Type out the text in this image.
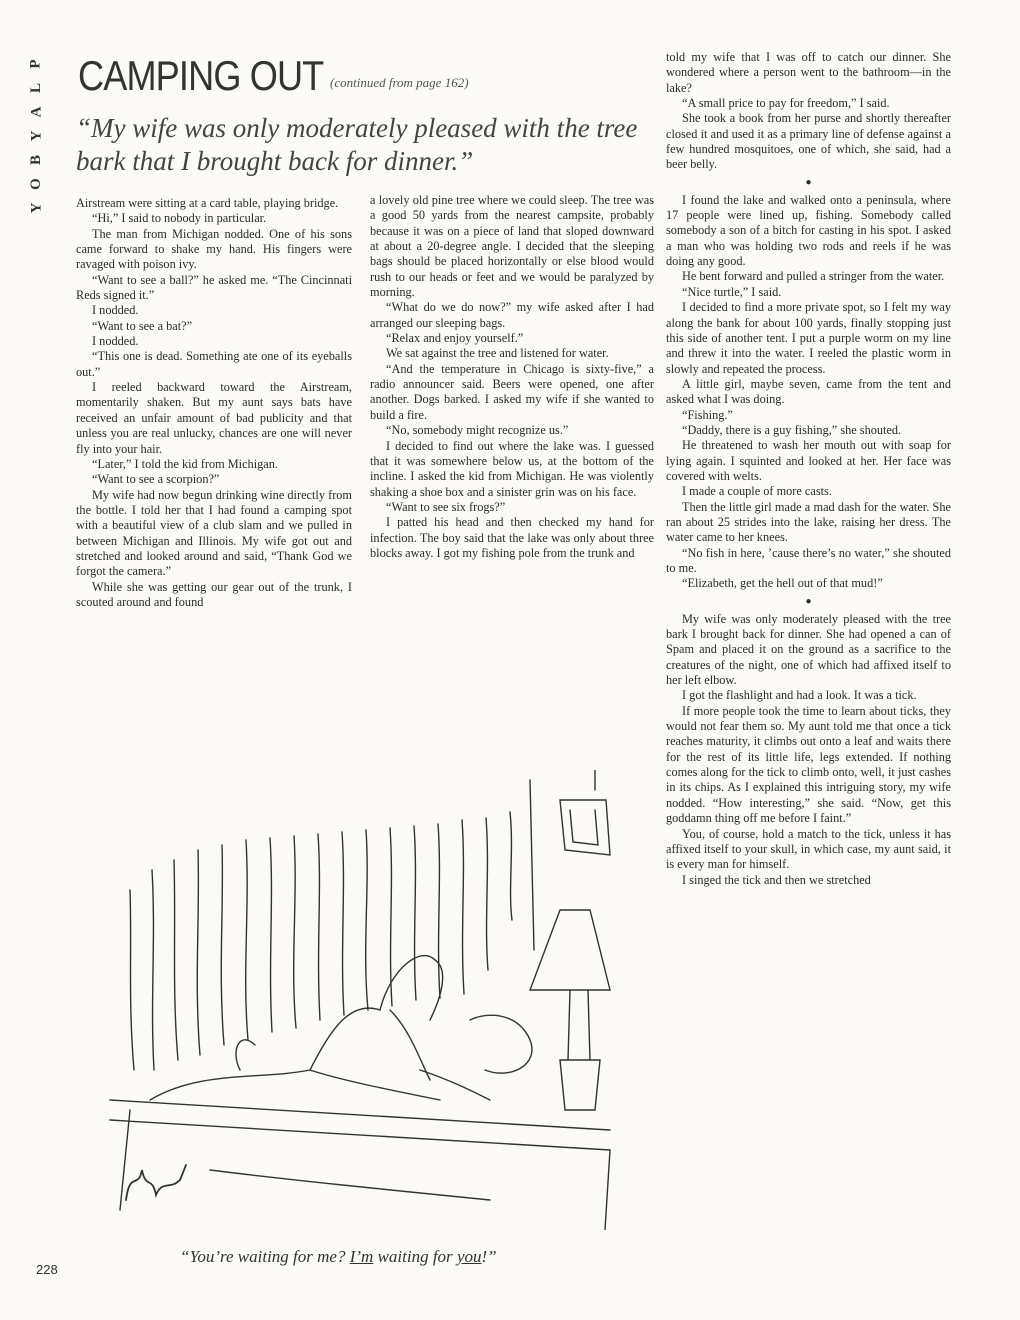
P
L
A
Y
B
O
Y
CAMPING OUT (continued from page 162)
“My wife was only moderately pleased with the tree bark that I brought back for dinner.”

Airstream were sitting at a card table, playing bridge.

“Hi,” I said to nobody in particular.

The man from Michigan nodded. One of his sons came forward to shake my hand. His fingers were ravaged with poison ivy.

“Want to see a ball?” he asked me. “The Cincinnati Reds signed it.”

I nodded.

“Want to see a bat?”

I nodded.

“This one is dead. Something ate one of its eyeballs out.”

I reeled backward toward the Airstream, momentarily shaken. But my aunt says bats have received an unfair amount of bad publicity and that unless you are real unlucky, chances are one will never fly into your hair.

“Later,” I told the kid from Michigan.

“Want to see a scorpion?”

My wife had now begun drinking wine directly from the bottle. I told her that I had found a camping spot with a beautiful view of a club slam and we pulled in between Michigan and Illinois. My wife got out and stretched and looked around and said, “Thank God we forgot the camera.”

While she was getting our gear out of the trunk, I scouted around and found

a lovely old pine tree where we could sleep. The tree was a good 50 yards from the nearest campsite, probably because it was on a piece of land that sloped downward at about a 20-degree angle. I decided that the sleeping bags should be placed horizontally or else blood would rush to our heads or feet and we would be paralyzed by morning.

“What do we do now?” my wife asked after I had arranged our sleeping bags.

“Relax and enjoy yourself.”

We sat against the tree and listened for water.

“And the temperature in Chicago is sixty-five,” a radio announcer said. Beers were opened, one after another. Dogs barked. I asked my wife if she wanted to build a fire.

“No, somebody might recognize us.”

I decided to find out where the lake was. I guessed that it was somewhere below us, at the bottom of the incline. I asked the kid from Michigan. He was violently shaking a shoe box and a sinister grin was on his face.

“Want to see six frogs?”

I patted his head and then checked my hand for infection. The boy said that the lake was only about three blocks away. I got my fishing pole from the trunk and

told my wife that I was off to catch our dinner. She wondered where a person went to the bathroom—in the lake?

“A small price to pay for freedom,” I said.

She took a book from her purse and shortly thereafter closed it and used it as a primary line of defense against a few hundred mosquitoes, one of which, she said, had a beer belly.

●

I found the lake and walked onto a peninsula, where 17 people were lined up, fishing. Somebody called somebody a son of a bitch for casting in his spot. I asked a man who was holding two rods and reels if he was doing any good.

He bent forward and pulled a stringer from the water.

“Nice turtle,” I said.

I decided to find a more private spot, so I felt my way along the bank for about 100 yards, finally stopping just this side of another tent. I put a purple worm on my line and threw it into the water. I reeled the plastic worm in slowly and repeated the process.

A little girl, maybe seven, came from the tent and asked what I was doing.

“Fishing.”

“Daddy, there is a guy fishing,” she shouted.

He threatened to wash her mouth out with soap for lying again. I squinted and looked at her. Her face was covered with welts.

I made a couple of more casts.

Then the little girl made a mad dash for the water. She ran about 25 strides into the lake, raising her dress. The water came to her knees.

“No fish in here, ’cause there’s no water,” she shouted to me.

“Elizabeth, get the hell out of that mud!”

●

My wife was only moderately pleased with the tree bark I brought back for dinner. She had opened a can of Spam and placed it on the ground as a sacrifice to the creatures of the night, one of which had affixed itself to her left elbow.

I got the flashlight and had a look. It was a tick.

If more people took the time to learn about ticks, they would not fear them so. My aunt told me that once a tick reaches maturity, it climbs out onto a leaf and waits there for the rest of its little life, legs extended. If nothing comes along for the tick to climb onto, well, it just cashes in its chips. As I explained this intriguing story, my wife nodded. “How interesting,” she said. “Now, get this goddamn thing off me before I faint.”

You, of course, hold a match to the tick, unless it has affixed itself to your skull, in which case, my aunt said, it is every man for himself.

I singed the tick and then we stretched

“You’re waiting for me? I’m waiting for you!”
228
